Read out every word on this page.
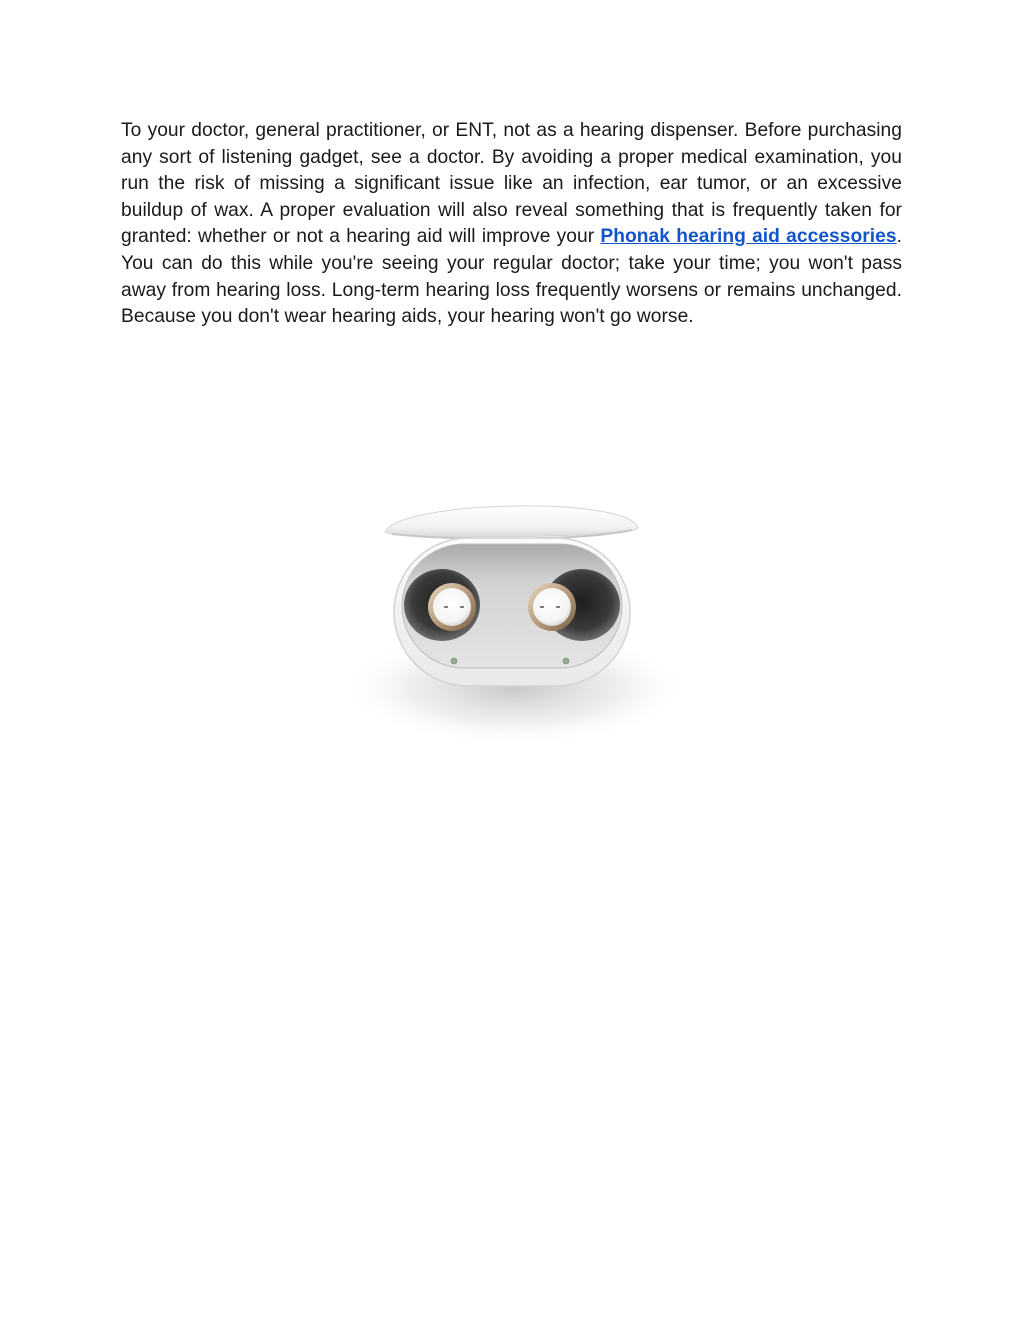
To your doctor, general practitioner, or ENT, not as a hearing dispenser. Before purchasing any sort of listening gadget, see a doctor. By avoiding a proper medical examination, you run the risk of missing a significant issue like an infection, ear tumor, or an excessive buildup of wax. A proper evaluation will also reveal something that is frequently taken for granted: whether or not a hearing aid will improve your Phonak hearing aid accessories. You can do this while you're seeing your regular doctor; take your time; you won't pass away from hearing loss. Long-term hearing loss frequently worsens or remains unchanged. Because you don't wear hearing aids, your hearing won't go worse.
